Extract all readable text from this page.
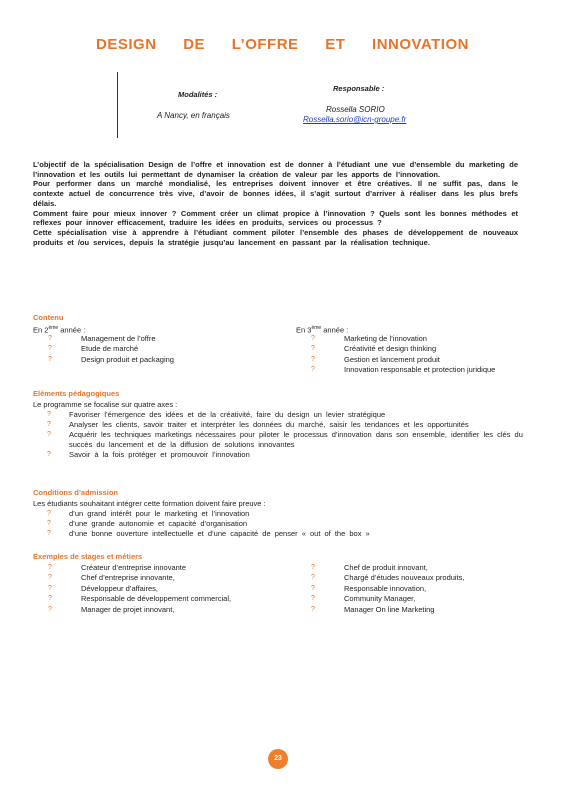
DESIGN DE L’OFFRE ET INNOVATION
Modalités :
A Nancy, en français
Responsable :
Rossella SORIO
Rossella.sorio@icn-groupe.fr

L’objectif de la spécialisation Design de l’offre et innovation est de donner à l’étudiant une vue d’ensemble du marketing de l’innovation et les outils lui permettant de dynamiser la création de valeur par les apports de l’innovation.

Pour performer dans un marché mondialisé, les entreprises doivent innover et être créatives. Il ne suffit pas, dans le contexte actuel de concurrence très vive, d’avoir de bonnes idées, il s’agit surtout d’arriver à réaliser dans les plus brefs délais.

Comment faire pour mieux innover ? Comment créer un climat propice à l’innovation ? Quels sont les bonnes méthodes et reflexes pour innover efficacement, traduire les idées en produits, services ou processus ?

Cette spécialisation vise à apprendre à l’étudiant comment piloter l’ensemble des phases de développement de nouveaux produits et /ou services, depuis la stratégie jusqu’au lancement en passant par la réalisation technique.

Contenu
En 2ème année :
?	Management de l’offre
?	Etude de marché
?	Design produit et packaging
En 3ème année :
?	Marketing de l’innovation
?	Créativité et design thinking
?	Gestion et lancement produit
?	Innovation responsable et protection juridique
Eléments pédagogiques
Le programme se focalise sur quatre axes :
? Favoriser l’émergence des idées et de la créativité, faire du design un levier stratégique
? Analyser les clients, savoir traiter et interpréter les données du marché, saisir les tendances et les opportunités
? Acquérir les techniques marketings nécessaires pour piloter le processus d’innovation dans son ensemble, identifier les clés du succès du lancement et de la diffusion de solutions innovantes
? Savoir à la fois protéger et promouvoir l’innovation
Conditions d’admission
Les étudiants souhaitant intégrer cette formation doivent faire preuve :
? d’un grand intérêt pour le marketing et l’innovation
? d’une grande autonomie et capacité d’organisation
? d’une bonne ouverture intellectuelle et d’une capacité de penser « out of the box »
Exemples de stages et métiers
?	Créateur d’entreprise innovante
?	Chef d’entreprise innovante,
?	Développeur d’affaires,
?	Responsable de développement commercial,
?	Manager de projet innovant,
?	Chef de produit innovant,
?	Chargé d’études nouveaux produits,
?	Responsable innovation,
?	Community Manager,
?	Manager On line Marketing
23
